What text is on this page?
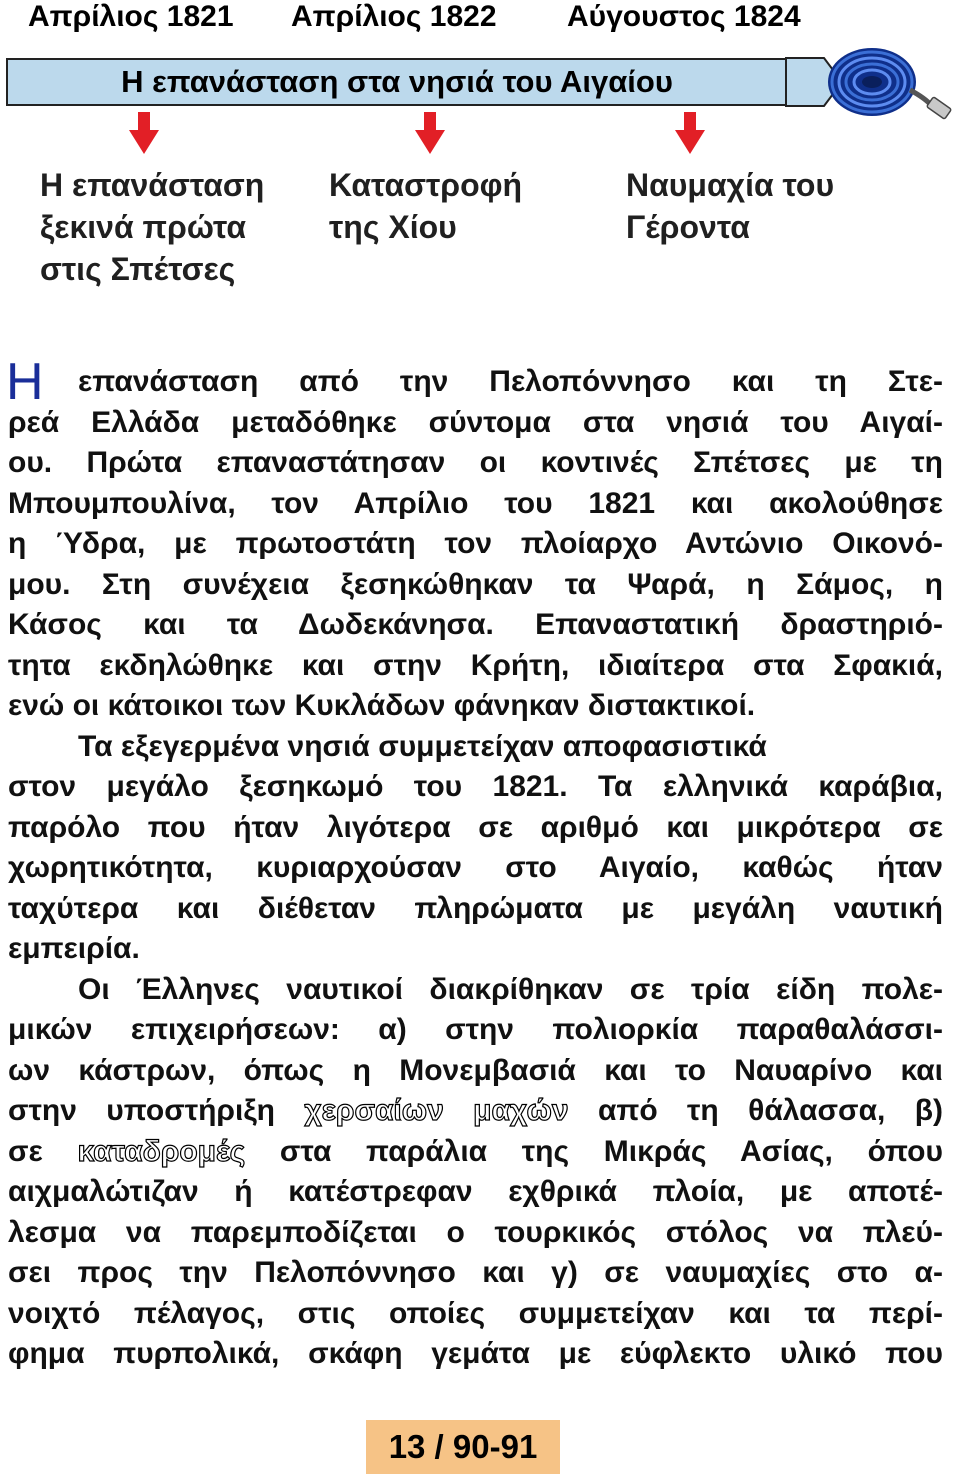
Απρίλιος 1821 Απρίλιος 1822 Αύγουστος 1824
Η επανάσταση στα νησιά του Αιγαίου
Η επανάσταση
ξεκινά πρώτα
στις Σπέτσες
Καταστροφή
της Χίου
Ναυμαχία του
Γέροντα
Η επανάσταση από την Πελοπόννησο και τη Στε-
ρεά Ελλάδα μεταδόθηκε σύντομα στα νησιά του Αιγαί-
ου. Πρώτα επαναστάτησαν οι κοντινές Σπέτσες με τη
Μπουμπουλίνα, τον Απρίλιο του 1821 και ακολούθησε
η Ύδρα, με πρωτοστάτη τον πλοίαρχο Αντώνιο Οικονό-
μου. Στη συνέχεια ξεσηκώθηκαν τα Ψαρά, η Σάμος, η
Κάσος και τα Δωδεκάνησα. Επαναστατική δραστηριό-
τητα εκδηλώθηκε και στην Κρήτη, ιδιαίτερα στα Σφακιά,
ενώ οι κάτοικοι των Κυκλάδων φάνηκαν διστακτικοί.
Τα εξεγερμένα νησιά συμμετείχαν αποφασιστικά
στον μεγάλο ξεσηκωμό του 1821. Τα ελληνικά καράβια,
παρόλο που ήταν λιγότερα σε αριθμό και μικρότερα σε
χωρητικότητα, κυριαρχούσαν στο Αιγαίο, καθώς ήταν
ταχύτερα και διέθεταν πληρώματα με μεγάλη ναυτική
εμπειρία.
Οι Έλληνες ναυτικοί διακρίθηκαν σε τρία είδη πολε-
μικών επιχειρήσεων: α) στην πολιορκία παραθαλάσσι-
ων κάστρων, όπως η Μονεμβασιά και το Ναυαρίνο και
στην υποστήριξη χερσαίων μαχών από τη θάλασσα, β)
σε καταδρομές στα παράλια της Μικράς Ασίας, όπου
αιχμαλώτιζαν ή κατέστρεφαν εχθρικά πλοία, με αποτέ-
λεσμα να παρεμποδίζεται ο τουρκικός στόλος να πλεύ-
σει προς την Πελοπόννησο και γ) σε ναυμαχίες στο α-
νοιχτό πέλαγος, στις οποίες συμμετείχαν και τα περί-
φημα πυρπολικά, σκάφη γεμάτα με εύφλεκτο υλικό που
13 / 90-91
